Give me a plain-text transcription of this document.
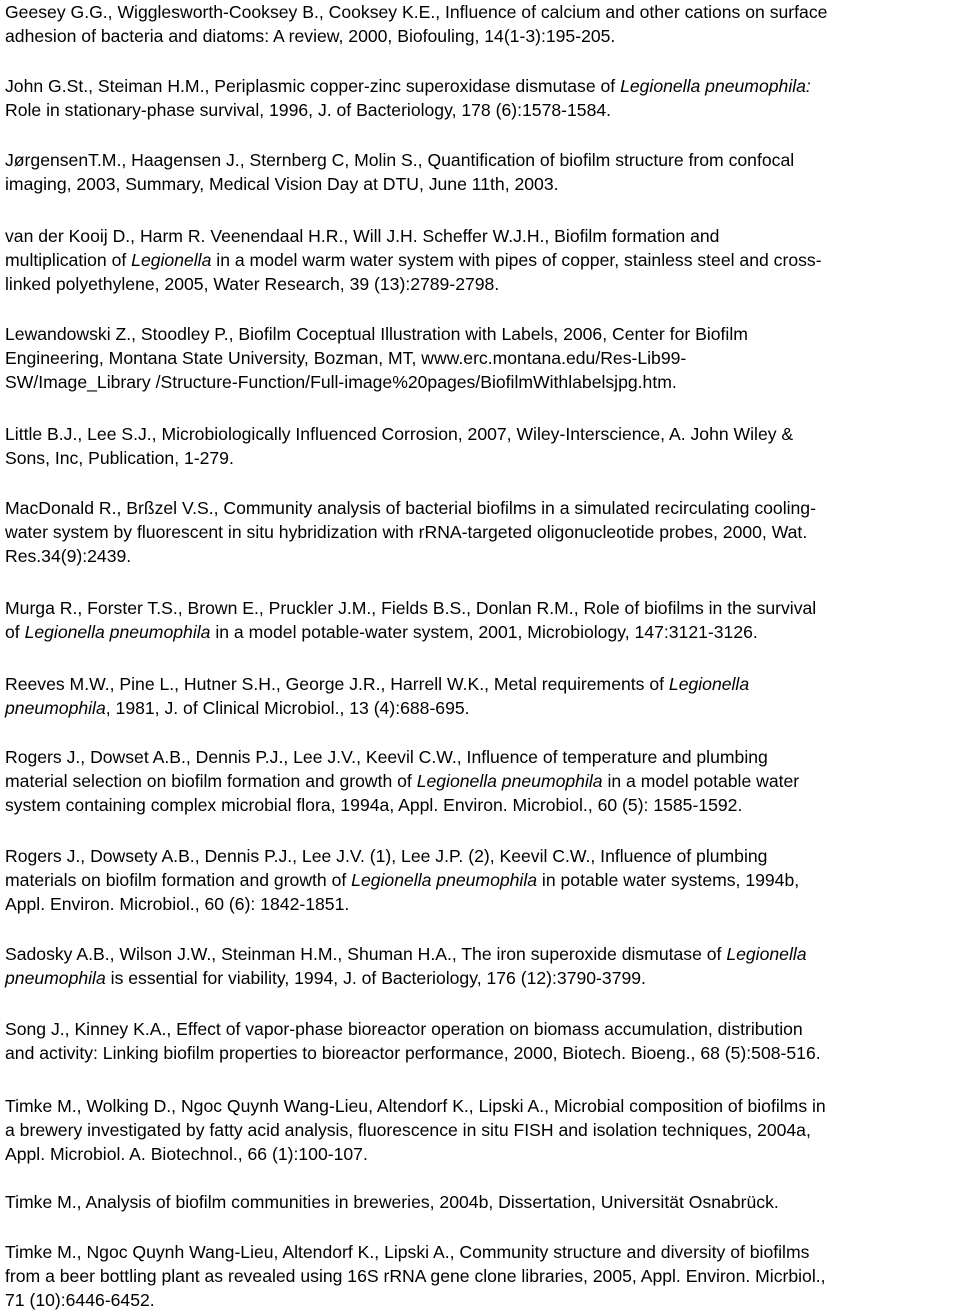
Geesey G.G., Wigglesworth-Cooksey B., Cooksey K.E., Influence of calcium and other cations on surface
adhesion of bacteria and diatoms: A review, 2000, Biofouling, 14(1-3):195-205.
John G.St., Steiman H.M., Periplasmic copper-zinc superoxidase dismutase of Legionella pneumophila:
Role in stationary-phase survival, 1996, J. of Bacteriology, 178 (6):1578-1584.
JørgensenT.M., Haagensen J., Sternberg C, Molin S., Quantification of biofilm structure from confocal
imaging, 2003, Summary, Medical Vision Day at DTU, June 11th, 2003.
van der Kooij D., Harm R. Veenendaal H.R., Will J.H. Scheffer W.J.H., Biofilm formation and
multiplication of Legionella in a model warm water system with pipes of copper, stainless steel and cross-
linked polyethylene, 2005, Water Research, 39 (13):2789-2798.
Lewandowski Z., Stoodley P., Biofilm Coceptual Illustration with Labels, 2006, Center for Biofilm
Engineering, Montana State University, Bozman, MT, www.erc.montana.edu/Res-Lib99-
SW/Image_Library /Structure-Function/Full-image%20pages/BiofilmWithlabelsjpg.htm.
Little B.J., Lee S.J., Microbiologically Influenced Corrosion, 2007, Wiley-Interscience, A. John Wiley &
Sons, Inc, Publication, 1-279.
MacDonald R., Brßzel V.S., Community analysis of bacterial biofilms in a simulated recirculating cooling-
water system by fluorescent in situ hybridization with rRNA-targeted oligonucleotide probes, 2000, Wat.
Res.34(9):2439.
Murga R., Forster T.S., Brown E., Pruckler J.M., Fields B.S., Donlan R.M., Role of biofilms in the survival
of Legionella pneumophila in a model potable-water system, 2001, Microbiology, 147:3121-3126.
Reeves M.W., Pine L., Hutner S.H., George J.R., Harrell W.K., Metal requirements of Legionella
pneumophila, 1981, J. of Clinical Microbiol., 13 (4):688-695.
Rogers J., Dowset A.B., Dennis P.J., Lee J.V., Keevil C.W., Influence of temperature and plumbing
material selection on biofilm formation and growth of Legionella pneumophila in a model potable water
system containing complex microbial flora, 1994a, Appl. Environ. Microbiol., 60 (5): 1585-1592.
Rogers J., Dowsety A.B., Dennis P.J., Lee J.V. (1), Lee J.P. (2), Keevil C.W., Influence of plumbing
materials on biofilm formation and growth of Legionella pneumophila in potable water systems, 1994b,
Appl. Environ. Microbiol., 60 (6): 1842-1851.
Sadosky A.B., Wilson J.W., Steinman H.M., Shuman H.A., The iron superoxide dismutase of Legionella
pneumophila is essential for viability, 1994, J. of Bacteriology, 176 (12):3790-3799.
Song J., Kinney K.A., Effect of vapor-phase bioreactor operation on biomass accumulation, distribution
and activity: Linking biofilm properties to bioreactor performance, 2000, Biotech. Bioeng., 68 (5):508-516.
Timke M., Wolking D., Ngoc Quynh Wang-Lieu, Altendorf K., Lipski A., Microbial composition of biofilms in
a brewery investigated by fatty acid analysis, fluorescence in situ FISH and isolation techniques, 2004a,
Appl. Microbiol. A. Biotechnol., 66 (1):100-107.
Timke M., Analysis of biofilm communities in breweries, 2004b, Dissertation, Universität Osnabrück.
Timke M., Ngoc Quynh Wang-Lieu, Altendorf K., Lipski A., Community structure and diversity of biofilms
from a beer bottling plant as revealed using 16S rRNA gene clone libraries, 2005, Appl. Environ. Micrbiol.,
71 (10):6446-6452.
